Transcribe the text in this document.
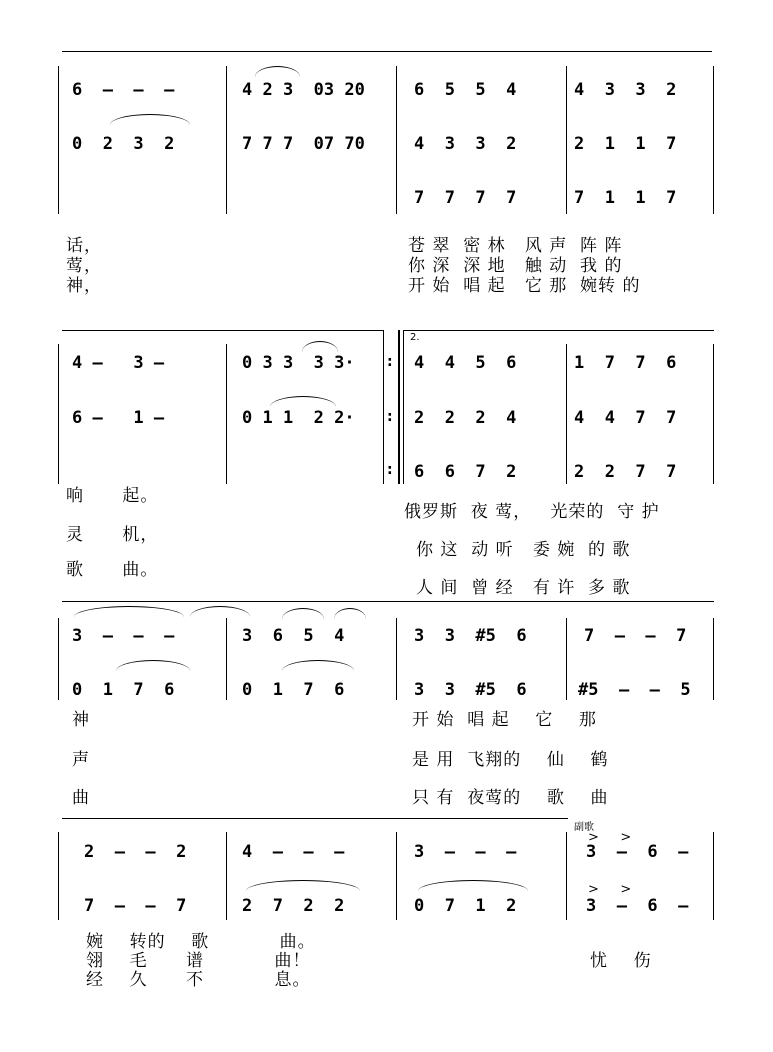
6  –  –  –
0  2  3  2
4 2 3  03 20
7 7 7  07 70
6  5  5  4
4  3  3  2
7  7  7  7
4  3  3  2
2  1  1  7
7  1  1  7
话，
莺，
神，
苍 翠  密 林   风 声  阵 阵
你 深  深 地   触 动  我 的
开 始  唱 起   它 那  婉转 的
2.
:
:
:
4 –   3 –
6 –   1 –
0 3 3  3 3·
0 1 1  2 2·
4  4  5  6
2  2  2  4
6  6  7  2
1  7  7  6
4  4  7  7
2  2  7  7
响      起。
灵      机，
歌      曲。
俄罗斯  夜 莺，   光荣的  守 护
你 这  动 听   委 婉  的 歌
人 间  曾 经   有 许  多 歌
3  –  –  –
0  1  7  6
3  6  5  4
0  1  7  6
3  3  #5  6
3  3  #5  6
7  –  –  7
#5  –  –  5
神
声
曲
开 始  唱 起    它    那
是 用  飞翔的    仙    鹤
只 有  夜莺的    歌    曲
副歌
2  –  –  2
7  –  –  7
4  –  –  –
2  7  2  2
3  –  –  –
0  7  1  2
>    >
3  –  6  –
>    >
3  –  6  –
婉    转的    歌           曲。
翎    毛      谱           曲！
经    久      不           息。
忧    伤
